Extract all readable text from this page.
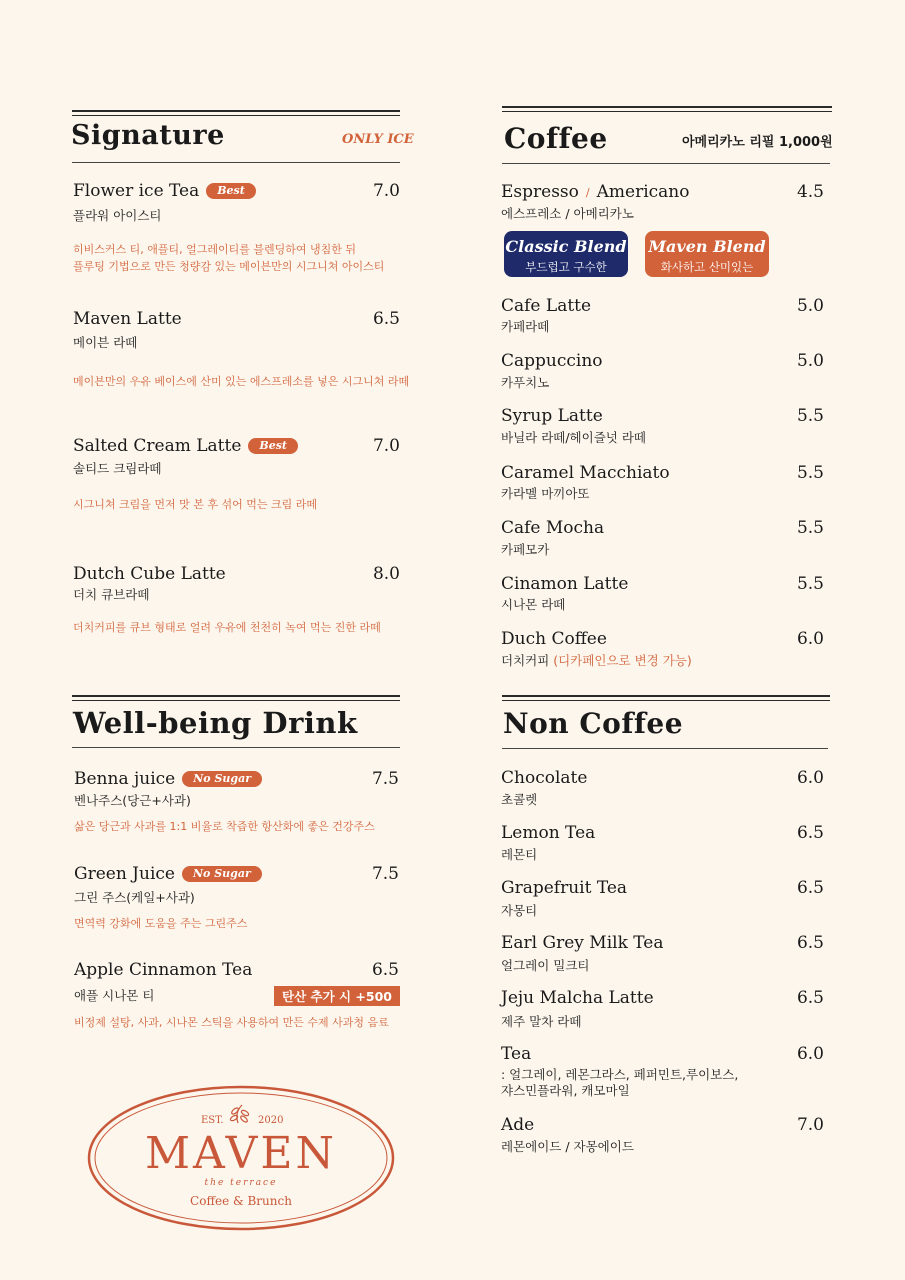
Signature	ONLY ICE
Flower ice Tea	Best	7.0
플라워 아이스티
히비스커스 티, 애플티, 얼그레이티를 블렌딩하여 냉침한 뒤
플루팅 기법으로 만든 청량감 있는 메이븐만의 시그니쳐 아이스티
Maven Latte	6.5
메이븐 라떼
메이븐만의 우유 베이스에 산미 있는 에스프레소를 넣은 시그니쳐 라떼
Salted Cream Latte	Best	7.0
솔티드 크림라떼
시그니쳐 크림을 먼저 맛 본 후 섞어 먹는 크림 라떼
Dutch Cube Latte	8.0
더치 큐브라떼
더치커피를 큐브 형태로 얼려 우유에 천천히 녹여 먹는 진한 라떼
Well-being Drink
Benna juice	No Sugar	7.5
벤나주스(당근+사과)
삶은 당근과 사과를 1:1 비율로 착즙한 항산화에 좋은 건강주스
Green Juice	No Sugar	7.5
그린 주스(케일+사과)
면역력 강화에 도움을 주는 그린주스
Apple Cinnamon Tea	6.5
애플 시나몬 티	탄산 추가 시 +500
비정제 설탕, 사과, 시나몬 스틱을 사용하여 만든 수제 사과청 음료
EST.	2020
MAVEN
the terrace
Coffee & Brunch
Coffee	아메리카노 리필 1,000원
Espresso / Americano	4.5
에스프레소 / 아메리카노
Classic Blend
부드럽고 구수한
Maven Blend
화사하고 산미있는
Cafe Latte	5.0
카페라떼
Cappuccino	5.0
카푸치노
Syrup Latte	5.5
바닐라 라떼/헤이즐넛 라떼
Caramel Macchiato	5.5
카라멜 마끼아또
Cafe Mocha	5.5
카페모카
Cinamon Latte	5.5
시나몬 라떼
Duch Coffee	6.0
더치커피 (디카페인으로 변경 가능)
Non Coffee
Chocolate	6.0
초콜렛
Lemon Tea	6.5
레몬티
Grapefruit Tea	6.5
자몽티
Earl Grey Milk Tea	6.5
얼그레이 밀크티
Jeju Malcha Latte	6.5
제주 말차 라떼
Tea	6.0
: 얼그레이, 레몬그라스, 페퍼민트,루이보스,
쟈스민플라워, 캐모마일
Ade	7.0
레몬에이드 / 자몽에이드
